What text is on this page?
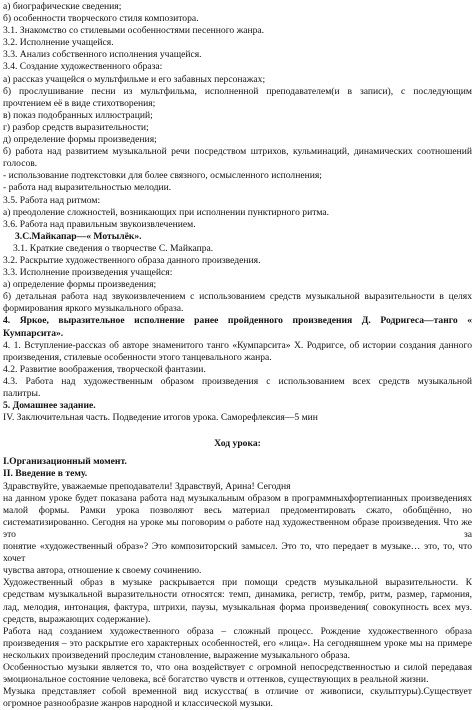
а) биографические сведения;
б) особенности творческого стиля композитора.
3.1. Знакомство со стилевыми особенностями песенного жанра.
3.2. Исполнение учащейся.
3.3. Анализ собственного исполнения учащейся.
3.4. Создание художественного образа:
а) рассказ учащейся о мультфильме и его забавных персонажах;
б) прослушивание песни из мультфильма, исполненной преподавателем(и в записи), с последующим
прочтением её в виде стихотворения;
в) показ подобранных иллюстраций;
г) разбор средств выразительности;
д) определение формы произведения;
б) работа над развитием музыкальной речи посредством штрихов, кульминаций, динамических соотношений
голосов.
- использование подтекстовки для более связного, осмысленного исполнения;
- работа над выразительностью мелодии.
3.5. Работа над ритмом:
а) преодоление сложностей, возникающих при исполнении пунктирного ритма.
3.6. Работа над правильным звукоизвлечением.
3.С.Майкапар—« Мотылёк».
3.1. Краткие сведения о творчестве С. Майкапра.
3.2. Раскрытие художественного образа данного произведения.
3.3. Исполнение произведения учащейся:
а) определение формы произведения;
б) детальная работа над звукоизвлечением с использованием средств музыкальной выразительности в целях
формирования яркого музыкального образа.
4. Яркое, выразительное исполнение ранее пройденного произведения Д. Родригеса—танго «
Кумпарсита».
4. 1. Вступление-рассказ об авторе знаменитого танго «Кумпарсита» Х. Родригсе, об истории создания данного
произведения, стилевые особенности этого танцевального жанра.
4.2. Развитие воображения, творческой фантазии.
4.3. Работа над художественным образом произведения с использованием всех средств музыкальной
палитры.
5. Домашнее задание.
IV. Заключительная часть. Подведение итогов урока. Саморефлексия—5 мин
Ход урока:
I.Организационный момент.
II. Введение в тему.
Здравствуйте, уважаемые преподаватели! Здравствуй, Арина! Сегодня
на данном уроке будет показана работа над музыкальным образом в программныхфортепианных произведениях
малой формы. Рамки урока позволяют весь материал предоментировать сжато, обобщённо, но
систематизированно. Сегодня на уроке мы поговорим о работе над художественном образе произведения. Что же это за
понятие «художественный образ»? Это композиторский замысел. Это то, что передает в музыке… это, то, что хочет
чувства автора, отношение к своему сочинению.
Художественный образ в музыке раскрывается при помощи средств музыкальной выразительности. К
средствам музыкальной выразительности относятся: темп, динамика, регистр, тембр, ритм, размер, гармония,
лад, мелодия, интонация, фактура, штрихи, паузы, музыкальная форма произведения( совокупность всех муз.
средств, выражающих содержание).
Работа над созданием художественного образа – сложный процесс. Рождение художественного образа
произведения – это раскрытие его характерных особенностей, его «лица». На сегодняшнем уроке мы на примере
нескольких произведений проследим становление, выражение музыкального образа.
Особенностью музыки является то, что она воздействует с огромной непосредственностью и силой передавая
эмоциональное состояние человека, всё богатство чувств и оттенков, существующих в реальной жизни.
Музыка представляет собой временной вид искусства( в отличие от живописи, скульптуры).Существует
огромное разнообразие жанров народной и классической музыки.
